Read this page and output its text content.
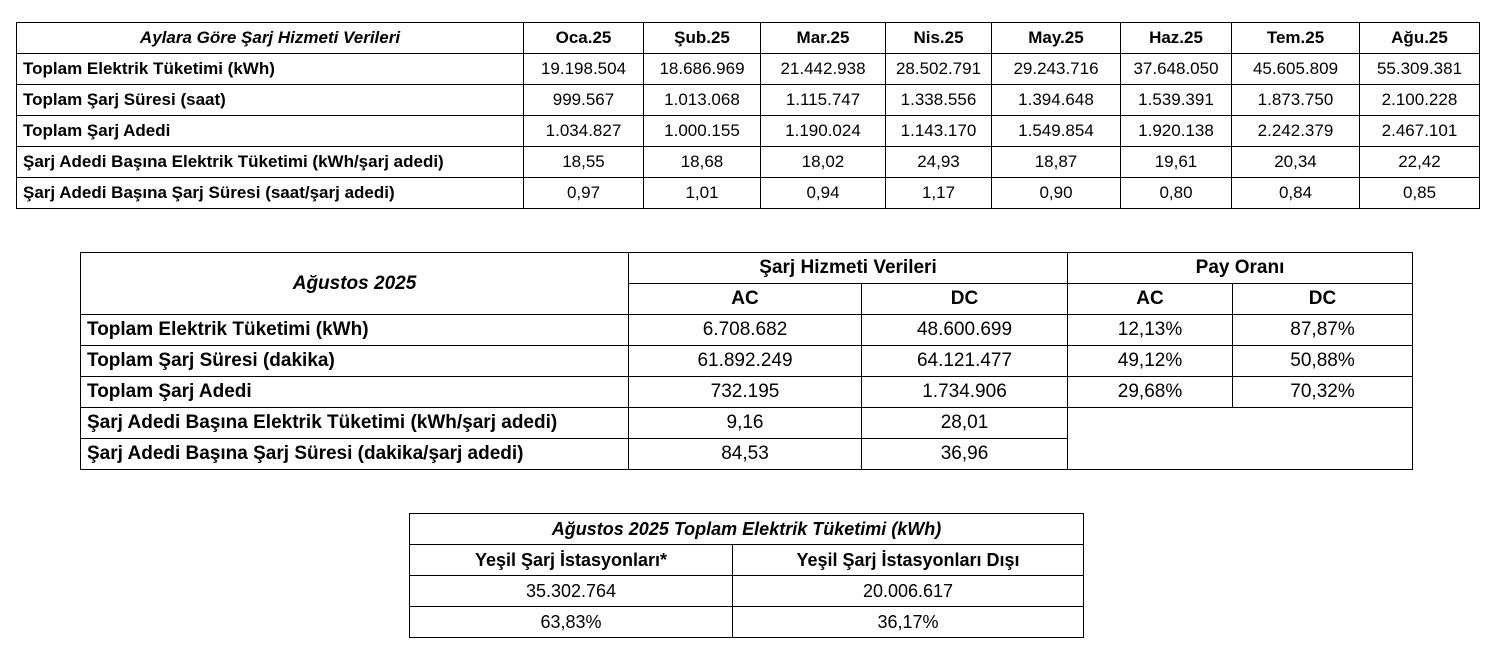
Aylara Göre Şarj Hizmeti Verileri	Oca.25	Şub.25	Mar.25	Nis.25	May.25	Haz.25	Tem.25	Ağu.25
Toplam Elektrik Tüketimi (kWh)	19.198.504	18.686.969	21.442.938	28.502.791	29.243.716	37.648.050	45.605.809	55.309.381
Toplam Şarj Süresi (saat)	999.567	1.013.068	1.115.747	1.338.556	1.394.648	1.539.391	1.873.750	2.100.228
Toplam Şarj Adedi	1.034.827	1.000.155	1.190.024	1.143.170	1.549.854	1.920.138	2.242.379	2.467.101
Şarj Adedi Başına Elektrik Tüketimi (kWh/şarj adedi)	18,55	18,68	18,02	24,93	18,87	19,61	20,34	22,42
Şarj Adedi Başına Şarj Süresi (saat/şarj adedi)	0,97	1,01	0,94	1,17	0,90	0,80	0,84	0,85
Ağustos 2025	Şarj Hizmeti Verileri		Pay Oranı	
	AC	DC	AC	DC
Toplam Elektrik Tüketimi (kWh)	6.708.682	48.600.699	12,13%	87,87%
Toplam Şarj Süresi (dakika)	61.892.249	64.121.477	49,12%	50,88%
Toplam Şarj Adedi	732.195	1.734.906	29,68%	70,32%
Şarj Adedi Başına Elektrik Tüketimi (kWh/şarj adedi)	9,16	28,01		
Şarj Adedi Başına Şarj Süresi (dakika/şarj adedi)	84,53	36,96		
Ağustos 2025 Toplam Elektrik Tüketimi (kWh)	
Yeşil Şarj İstasyonları*	Yeşil Şarj İstasyonları Dışı
35.302.764	20.006.617
63,83%	36,17%
